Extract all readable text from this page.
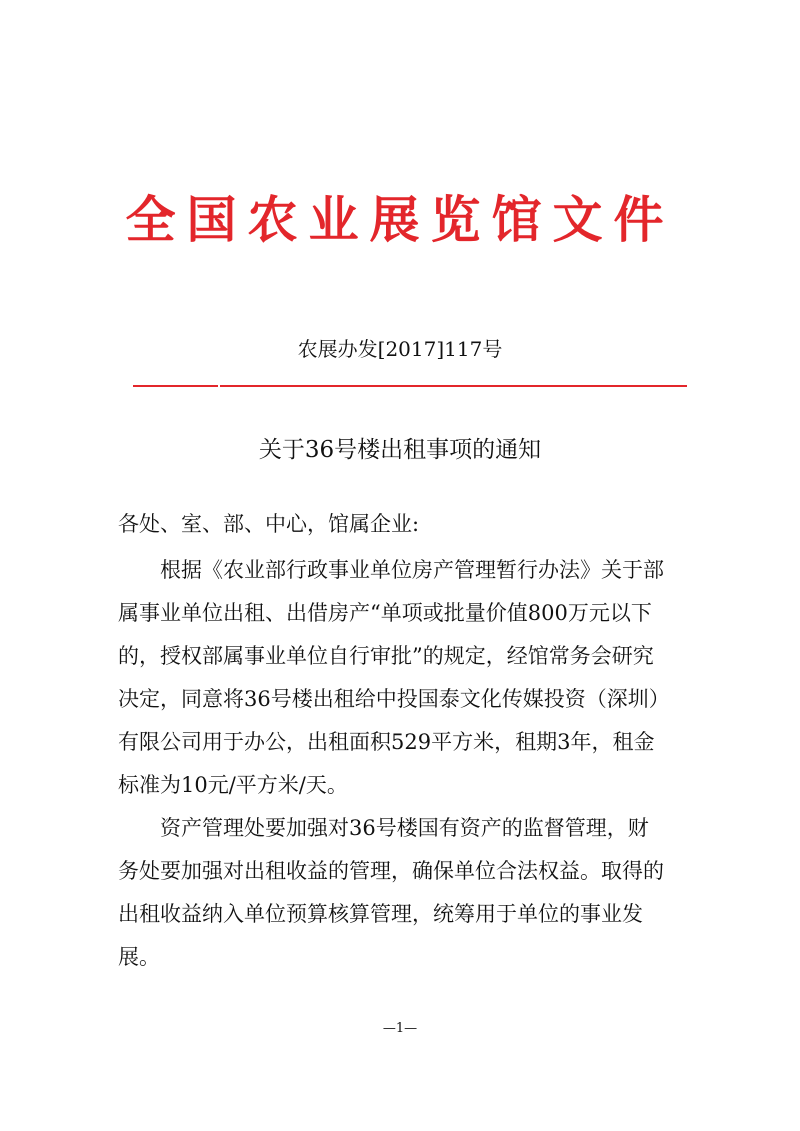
全国农业展览馆文件
农展办发[2017]117号
关于36号楼出租事项的通知
各处、室、部、中心，馆属企业:
　　根据《农业部行政事业单位房产管理暂行办法》关于部
属事业单位出租、出借房产“单项或批量价值800万元以下
的，授权部属事业单位自行审批”的规定，经馆常务会研究
决定，同意将36号楼出租给中投国泰文化传媒投资（深圳）
有限公司用于办公，出租面积529平方米，租期3年，租金
标准为10元/平方米/天。
　　资产管理处要加强对36号楼国有资产的监督管理，财
务处要加强对出租收益的管理，确保单位合法权益。取得的
出租收益纳入单位预算核算管理，统筹用于单位的事业发
展。
—1—
